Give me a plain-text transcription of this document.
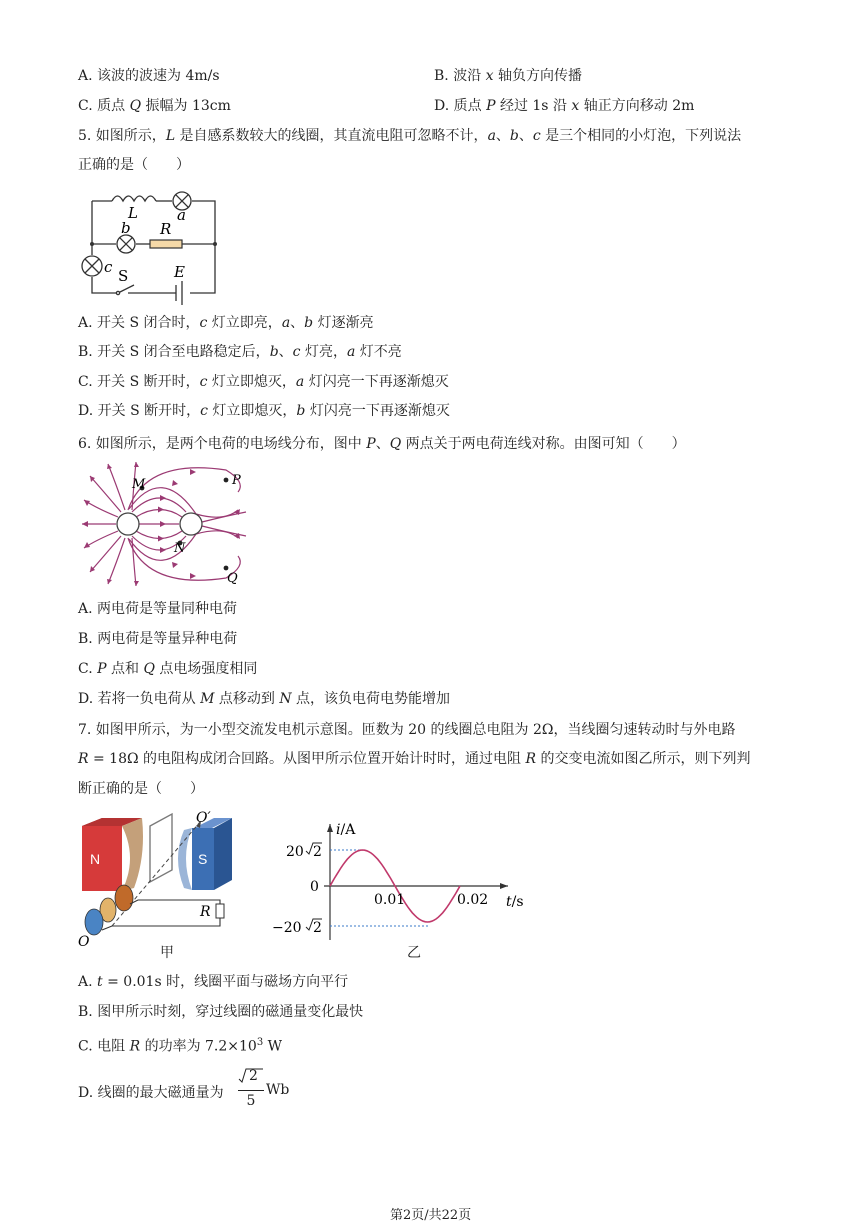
A. 该波的波速为 4m/s	B. 波沿 x 轴负方向传播
C. 质点 Q 振幅为 13cm	D. 质点 P 经过 1s 沿 x 轴正方向移动 2m
5. 如图所示，L 是自感系数较大的线圈，其直流电阻可忽略不计，a、b、c 是三个相同的小灯泡，下列说法
正确的是（　　）
L	a
b R
c S	E
A. 开关 S 闭合时，c 灯立即亮，a、b 灯逐渐亮
B. 开关 S 闭合至电路稳定后，b、c 灯亮，a 灯不亮
C. 开关 S 断开时，c 灯立即熄灭，a 灯闪亮一下再逐渐熄灭
D. 开关 S 断开时，c 灯立即熄灭，b 灯闪亮一下再逐渐熄灭
6. 如图所示，是两个电荷的电场线分布，图中 P、Q 两点关于两电荷连线对称。由图可知（　　）
M	P
N
Q
A. 两电荷是等量同种电荷
B. 两电荷是等量异种电荷
C. P 点和 Q 点电场强度相同
D. 若将一负电荷从 M 点移动到 N 点，该负电荷电势能增加
7. 如图甲所示，为一小型交流发电机示意图。匝数为 20 的线圈总电阻为 2Ω，当线圈匀速转动时与外电路
R = 18Ω 的电阻构成闭合回路。从图甲所示位置开始计时时，通过电阻 R 的交变电流如图乙所示，则下列判
断正确的是（　　）
R
N	S
O′
O
甲
i/A
t/s
0
20 2
−20 2
0.01	0.02
乙
A. t = 0.01s 时，线圈平面与磁场方向平行
B. 图甲所示时刻，穿过线圈的磁通量变化最快
C. 电阻 R 的功率为 $7.2\times 10^3$ W
D. 线圈的最大磁通量为
2
5
Wb
第2页/共22页
